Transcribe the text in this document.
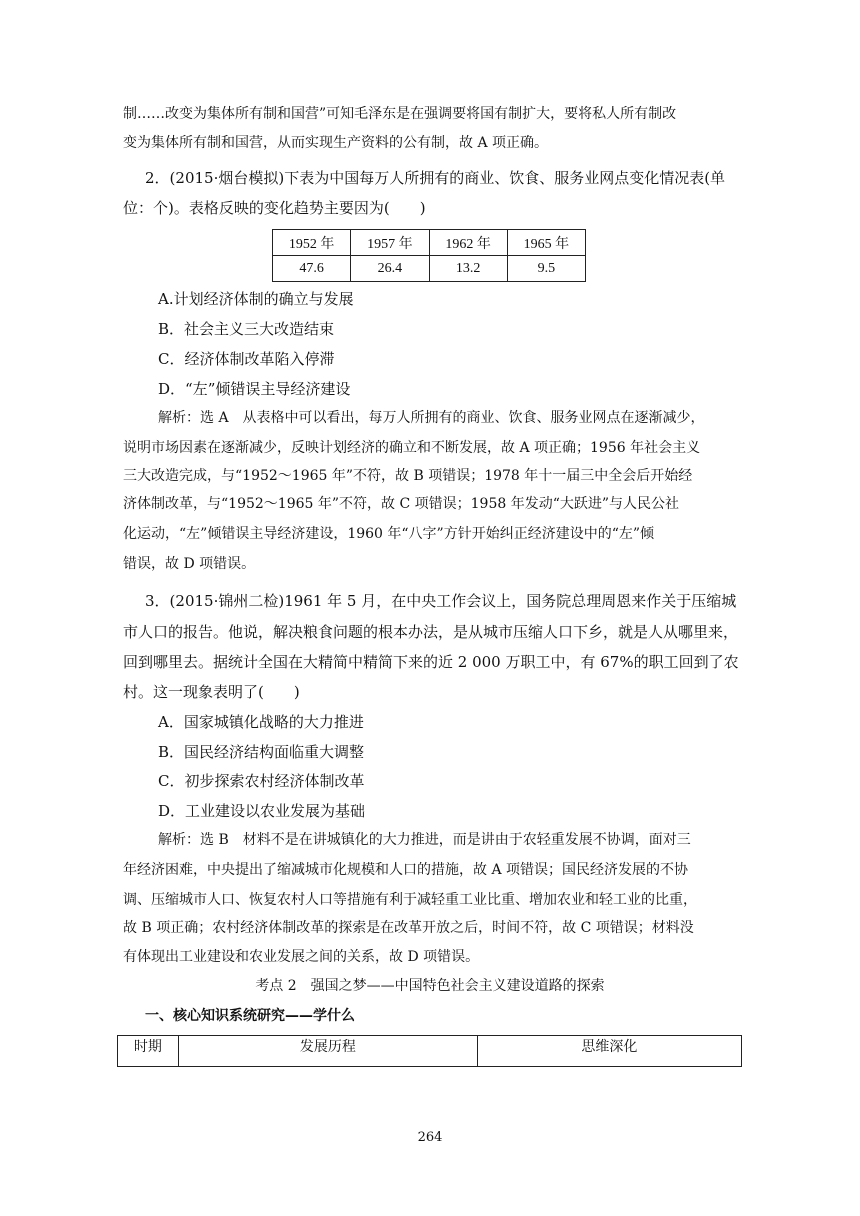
制……改变为集体所有制和国营”可知毛泽东是在强调要将国有制扩大，要将私人所有制改
变为集体所有制和国营，从而实现生产资料的公有制，故 A 项正确。
2．(2015·烟台模拟)下表为中国每万人所拥有的商业、饮食、服务业网点变化情况表(单
位：个)。表格反映的变化趋势主要因为(　　)
1952 年	1957 年	1962 年	1965 年
47.6	26.4	13.2	9.5
A.计划经济体制的确立与发展
B．社会主义三大改造结束
C．经济体制改革陷入停滞
D．“左”倾错误主导经济建设
解析：选 A　从表格中可以看出，每万人所拥有的商业、饮食、服务业网点在逐渐减少，
说明市场因素在逐渐减少，反映计划经济的确立和不断发展，故 A 项正确；1956 年社会主义
三大改造完成，与“1952～1965 年”不符，故 B 项错误；1978 年十一届三中全会后开始经
济体制改革，与“1952～1965 年”不符，故 C 项错误；1958 年发动“大跃进”与人民公社
化运动，“左”倾错误主导经济建设，1960 年“八字”方针开始纠正经济建设中的“左”倾
错误，故 D 项错误。
3．(2015·锦州二检)1961 年 5 月，在中央工作会议上，国务院总理周恩来作关于压缩城
市人口的报告。他说，解决粮食问题的根本办法，是从城市压缩人口下乡，就是人从哪里来，
回到哪里去。据统计全国在大精简中精简下来的近 2 000 万职工中，有 67%的职工回到了农
村。这一现象表明了(　　)
A．国家城镇化战略的大力推进
B．国民经济结构面临重大调整
C．初步探索农村经济体制改革
D．工业建设以农业发展为基础
解析：选 B　材料不是在讲城镇化的大力推进，而是讲由于农轻重发展不协调，面对三
年经济困难，中央提出了缩减城市化规模和人口的措施，故 A 项错误；国民经济发展的不协
调、压缩城市人口、恢复农村人口等措施有利于减轻重工业比重、增加农业和轻工业的比重，
故 B 项正确；农村经济体制改革的探索是在改革开放之后，时间不符，故 C 项错误；材料没
有体现出工业建设和农业发展之间的关系，故 D 项错误。
考点 2　强国之梦——中国特色社会主义建设道路的探索
一、核心知识系统研究——学什么
时期	发展历程	思维深化
264
